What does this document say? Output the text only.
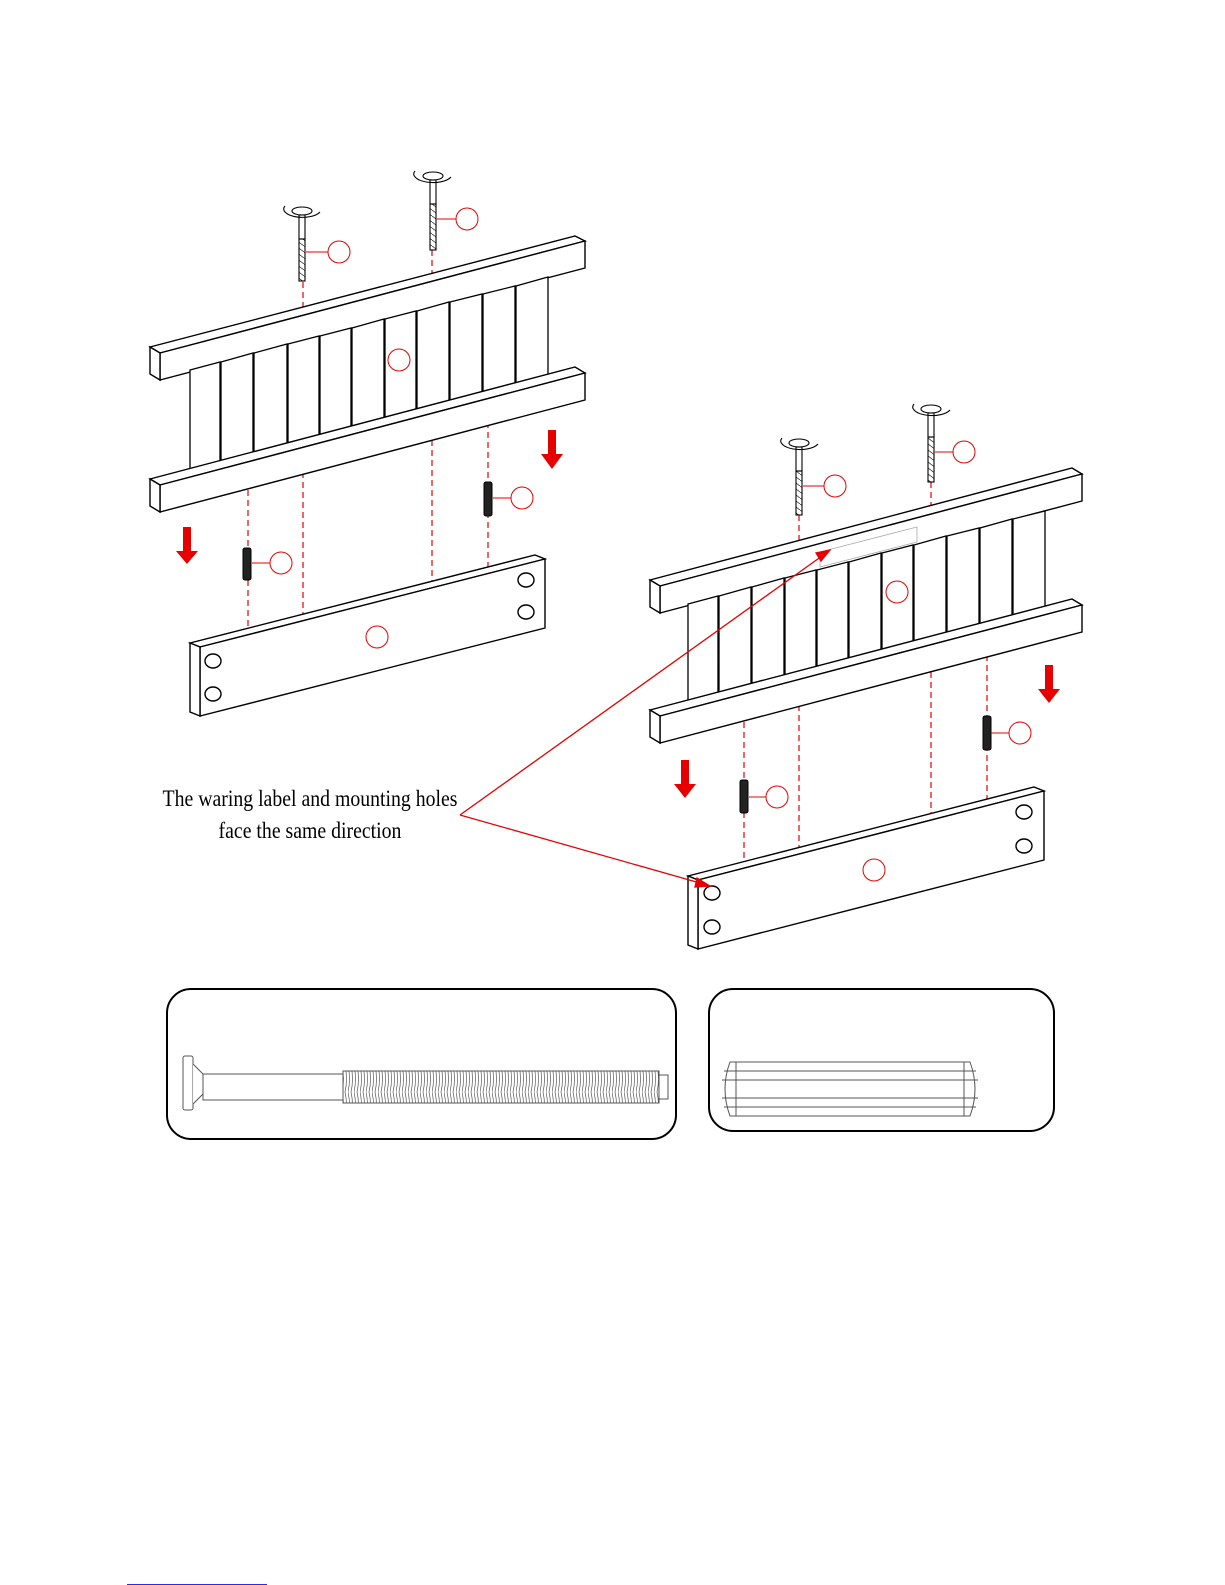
The waring label and mounting holes
face the same direction
